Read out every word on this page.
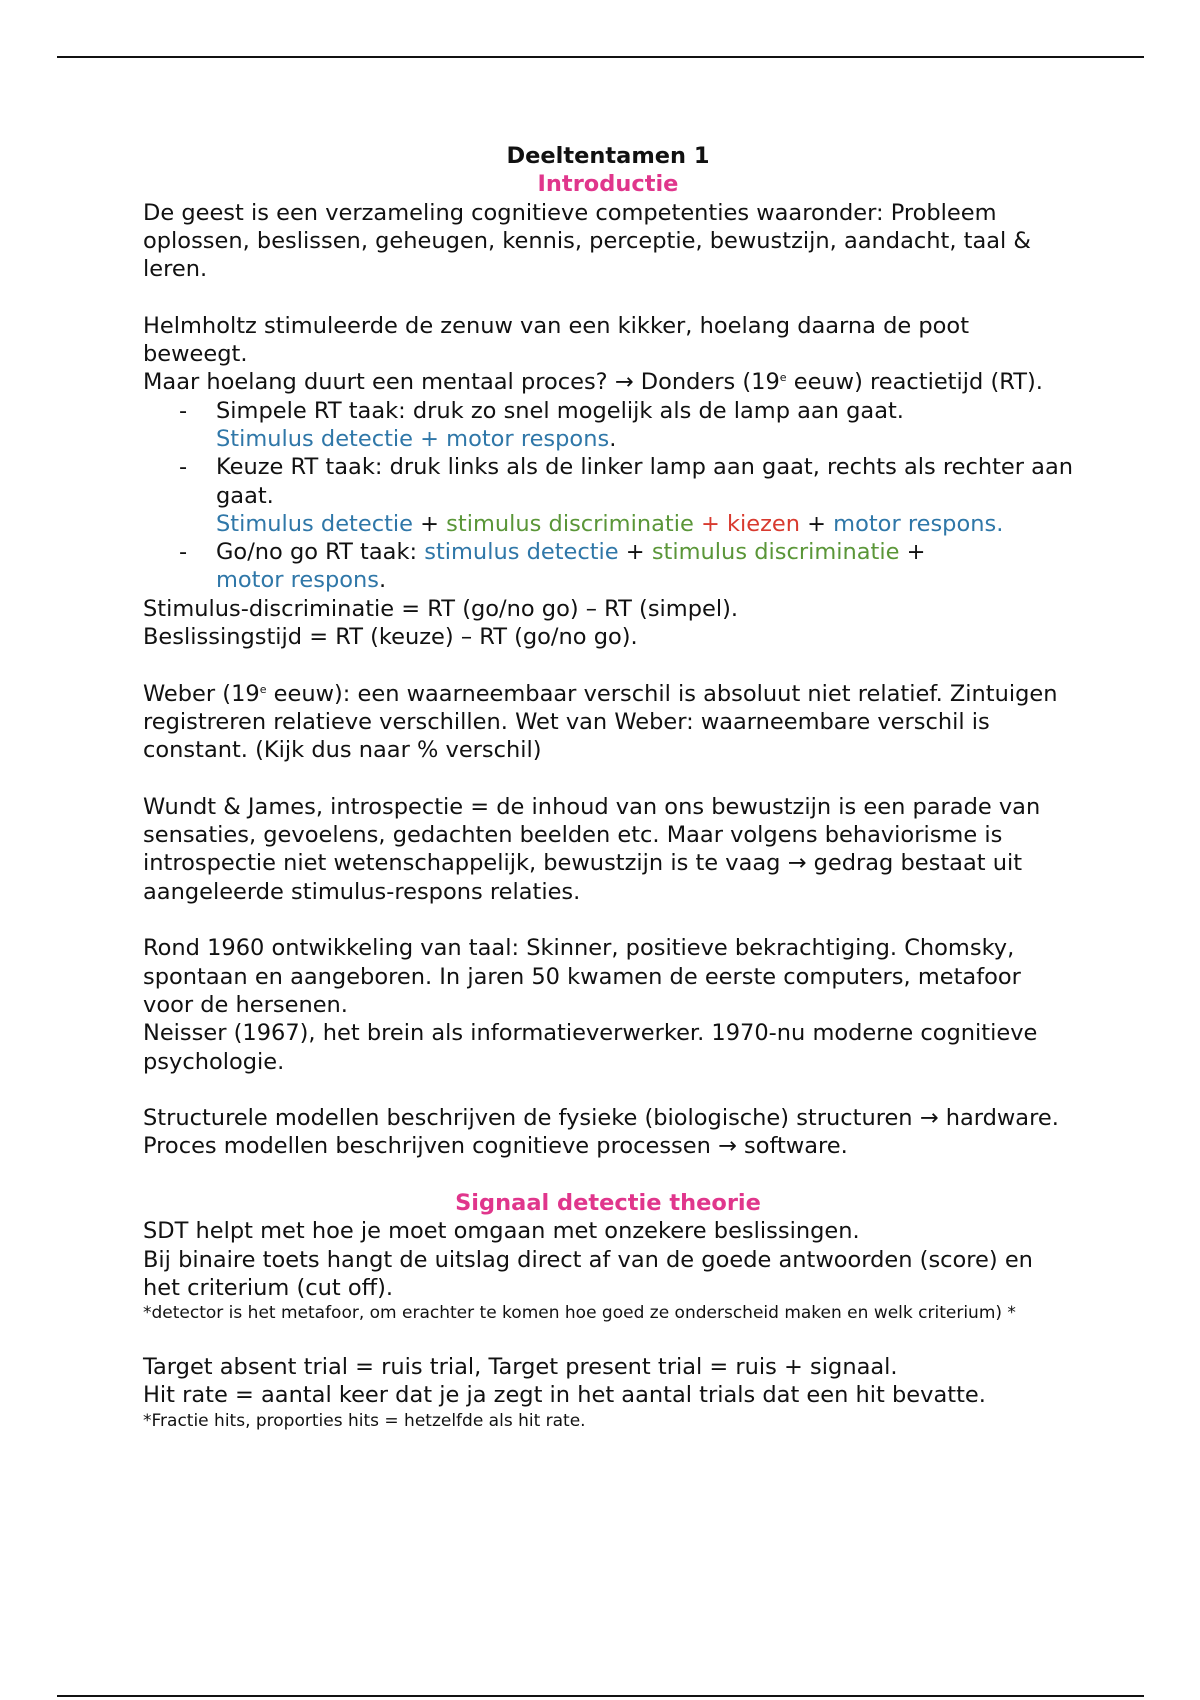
Deeltentamen 1

Introductie

De geest is een verzameling cognitieve competenties waaronder: Probleem oplossen, beslissen, geheugen, kennis, perceptie, bewustzijn, aandacht, taal & leren.

Helmholtz stimuleerde de zenuw van een kikker, hoelang daarna de poot beweegt.

Maar hoelang duurt een mentaal proces? → Donders (19e eeuw) reactietijd (RT).

- Simpele RT taak: druk zo snel mogelijk als de lamp aan gaat.
Stimulus detectie + motor respons.
- Keuze RT taak: druk links als de linker lamp aan gaat, rechts als rechter aan gaat.
Stimulus detectie + stimulus discriminatie + kiezen + motor respons.
- Go/no go RT taak: stimulus detectie + stimulus discriminatie +
motor respons.

Stimulus-discriminatie = RT (go/no go) – RT (simpel).

Beslissingstijd = RT (keuze) – RT (go/no go).

Weber (19e eeuw): een waarneembaar verschil is absoluut niet relatief. Zintuigen registreren relatieve verschillen. Wet van Weber: waarneembare verschil is constant. (Kijk dus naar % verschil)

Wundt & James, introspectie = de inhoud van ons bewustzijn is een parade van sensaties, gevoelens, gedachten beelden etc. Maar volgens behaviorisme is introspectie niet wetenschappelijk, bewustzijn is te vaag → gedrag bestaat uit aangeleerde stimulus-respons relaties.

Rond 1960 ontwikkeling van taal: Skinner, positieve bekrachtiging. Chomsky, spontaan en aangeboren. In jaren 50 kwamen de eerste computers, metafoor voor de hersenen.

Neisser (1967), het brein als informatieverwerker. 1970-nu moderne cognitieve psychologie.

Structurele modellen beschrijven de fysieke (biologische) structuren → hardware.

Proces modellen beschrijven cognitieve processen → software.

Signaal detectie theorie

SDT helpt met hoe je moet omgaan met onzekere beslissingen.

Bij binaire toets hangt de uitslag direct af van de goede antwoorden (score) en het criterium (cut off).

*detector is het metafoor, om erachter te komen hoe goed ze onderscheid maken en welk criterium) *

Target absent trial = ruis trial, Target present trial = ruis + signaal.

Hit rate = aantal keer dat je ja zegt in het aantal trials dat een hit bevatte.

*Fractie hits, proporties hits = hetzelfde als hit rate.
